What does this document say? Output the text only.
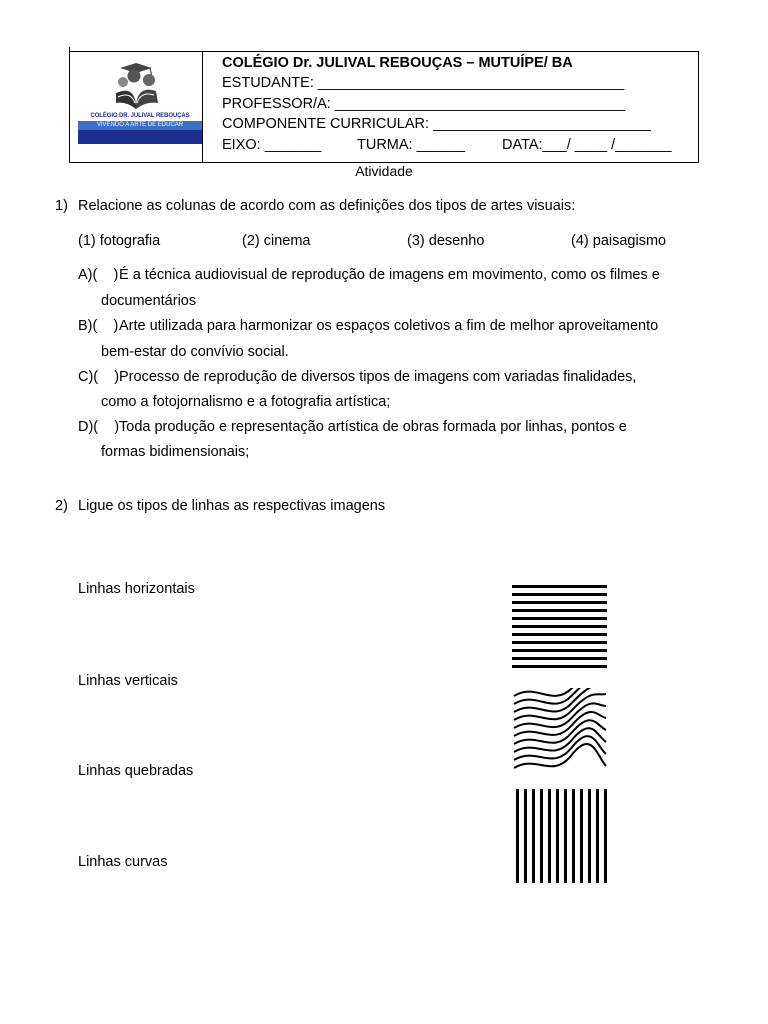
COLÉGIO DR. JULIVAL REBOUÇAS
VIVENDO A ARTE DE EDUCAR
COLÉGIO Dr. JULIVAL REBOUÇAS – MUTUÍPE/ BA
ESTUDANTE: ______________________________________
PROFESSOR/A: ____________________________________
COMPONENTE CURRICULAR: ___________________________
EIXO: _______ TURMA: ______	DATA:___/ ____ /_______
Atividade
1) Relacione as colunas de acordo com as definições dos tipos de artes visuais:
(1) fotografia	(2) cinema	(3) desenho	(4) paisagismo
A)(    ) É a técnica audiovisual de reprodução de imagens em movimento, como os filmes e
documentários
B)(    ) Arte utilizada para harmonizar os espaços coletivos a fim de melhor aproveitamento
bem-estar do convívio social.
C)(    ) Processo de reprodução de diversos tipos de imagens com variadas finalidades,
como a fotojornalismo e a fotografia artística;
D)(    ) Toda produção e representação artística de obras formada por linhas, pontos e
formas bidimensionais;
2) Ligue os tipos de linhas as respectivas imagens
Linhas horizontais
Linhas verticais
Linhas quebradas
Linhas curvas
